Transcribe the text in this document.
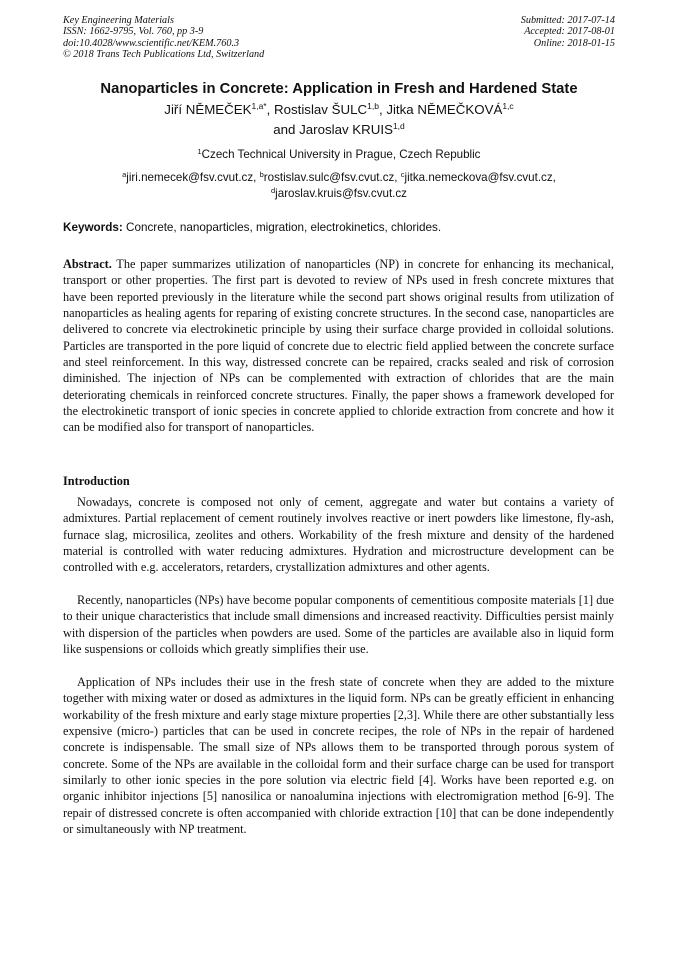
Key Engineering Materials
ISSN: 1662-9795, Vol. 760, pp 3-9
doi:10.4028/www.scientific.net/KEM.760.3
© 2018 Trans Tech Publications Ltd, Switzerland
Submitted: 2017-07-14
Accepted: 2017-08-01
Online: 2018-01-15
Nanoparticles in Concrete: Application in Fresh and Hardened State
Jiří $NĚMEČEK^{1,a*}$, Rostislav ŠULC$^{1,b}$, Jitka NĚMEČKOVÁ$^{1,c}$
and Jaroslav KRUIS$^{1,d}$
$^1$Czech Technical University in Prague, Czech Republic
$^a$jiri.nemecek@fsv.cvut.cz, $^b$rostislav.sulc@fsv.cvut.cz, $^c$jitka.nemeckova@fsv.cvut.cz,
$^d$jaroslav.kruis@fsv.cvut.cz
Keywords: Concrete, nanoparticles, migration, electrokinetics, chlorides.
Abstract. The paper summarizes utilization of nanoparticles (NP) in concrete for enhancing its mechanical, transport or other properties. The first part is devoted to review of NPs used in fresh concrete mixtures that have been reported previously in the literature while the second part shows original results from utilization of nanoparticles as healing agents for reparing of existing concrete structures. In the second case, nanoparticles are delivered to concrete via electrokinetic principle by using their surface charge provided in colloidal solutions. Particles are transported in the pore liquid of concrete due to electric field applied between the concrete surface and steel reinforcement. In this way, distressed concrete can be repaired, cracks sealed and risk of corrosion diminished. The injection of NPs can be complemented with extraction of chlorides that are the main deteriorating chemicals in reinforced concrete structures. Finally, the paper shows a framework developed for the electrokinetic transport of ionic species in concrete applied to chloride extraction from concrete and how it can be modified also for transport of nanoparticles.
Introduction
Nowadays, concrete is composed not only of cement, aggregate and water but contains a variety of admixtures. Partial replacement of cement routinely involves reactive or inert powders like limestone, fly-ash, furnace slag, microsilica, zeolites and others. Workability of the fresh mixture and density of the hardened material is controlled with water reducing admixtures. Hydration and microstructure development can be controlled with e.g. accelerators, retarders, crystallization admixtures and other agents.
Recently, nanoparticles (NPs) have become popular components of cementitious composite materials [1] due to their unique characteristics that include small dimensions and increased reactivity. Difficulties persist mainly with dispersion of the particles when powders are used. Some of the particles are available also in liquid form like suspensions or colloids which greatly simplifies their use.
Application of NPs includes their use in the fresh state of concrete when they are added to the mixture together with mixing water or dosed as admixtures in the liquid form. NPs can be greatly efficient in enhancing workability of the fresh mixture and early stage mixture properties [2,3]. While there are other substantially less expensive (micro-) particles that can be used in concrete recipes, the role of NPs in the repair of hardened concrete is indispensable. The small size of NPs allows them to be transported through porous system of concrete. Some of the NPs are available in the colloidal form and their surface charge can be used for transport similarly to other ionic species in the pore solution via electric field [4]. Works have been reported e.g. on organic inhibitor injections [5] nanosilica or nanoalumina injections with electromigration method [6-9]. The repair of distressed concrete is often accompanied with chloride extraction [10] that can be done independently or simultaneously with NP treatment.
